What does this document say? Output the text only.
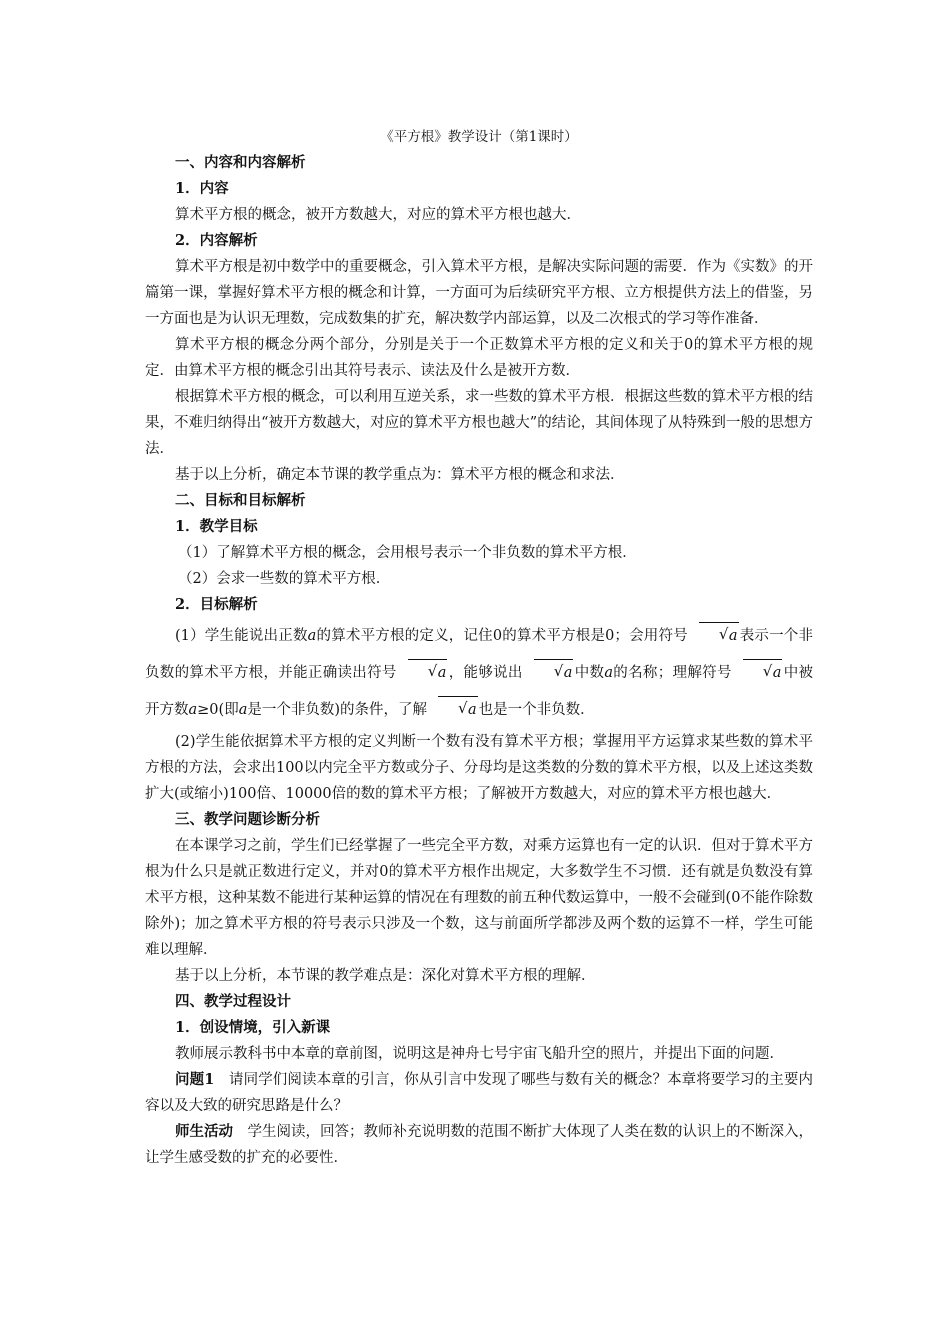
《平方根》教学设计（第1课时）
一、内容和内容解析
1．内容
算术平方根的概念，被开方数越大，对应的算术平方根也越大．
2．内容解析
算术平方根是初中数学中的重要概念，引入算术平方根，是解决实际问题的需要．作为《实数》的开篇第一课，掌握好算术平方根的概念和计算，一方面可为后续研究平方根、立方根提供方法上的借鉴，另一方面也是为认识无理数，完成数集的扩充，解决数学内部运算，以及二次根式的学习等作准备．
算术平方根的概念分两个部分，分别是关于一个正数算术平方根的定义和关于0的算术平方根的规定．由算术平方根的概念引出其符号表示、读法及什么是被开方数．
根据算术平方根的概念，可以利用互逆关系，求一些数的算术平方根．根据这些数的算术平方根的结果，不难归纳得出“被开方数越大，对应的算术平方根也越大”的结论，其间体现了从特殊到一般的思想方法．
基于以上分析，确定本节课的教学重点为：算术平方根的概念和求法．
二、目标和目标解析
1．教学目标
（1）了解算术平方根的概念，会用根号表示一个非负数的算术平方根．
（2）会求一些数的算术平方根．
2．目标解析
(1）学生能说出正数a的算术平方根的定义，记住0的算术平方根是0；会用符号	√ a 表示一个非负数的算术平方根，并能正确读出符号	√ a ，能够说出	√ a 中数a的名称；理解符号	√ a 中被开方数a≥0(即a是一个非负数)的条件，了解	√ a 也是一个非负数．
(2)学生能依据算术平方根的定义判断一个数有没有算术平方根；掌握用平方运算求某些数的算术平方根的方法，会求出100以内完全平方数或分子、分母均是这类数的分数的算术平方根，以及上述这类数扩大(或缩小)100倍、10000倍的数的算术平方根；了解被开方数越大，对应的算术平方根也越大．
三、教学问题诊断分析
在本课学习之前，学生们已经掌握了一些完全平方数，对乘方运算也有一定的认识．但对于算术平方根为什么只是就正数进行定义，并对0的算术平方根作出规定，大多数学生不习惯．还有就是负数没有算术平方根，这种某数不能进行某种运算的情况在有理数的前五种代数运算中，一般不会碰到(0不能作除数除外)；加之算术平方根的符号表示只涉及一个数，这与前面所学都涉及两个数的运算不一样，学生可能难以理解．
基于以上分析，本节课的教学难点是：深化对算术平方根的理解．
四、教学过程设计
1．创设情境，引入新课
教师展示教科书中本章的章前图，说明这是神舟七号宇宙飞船升空的照片，并提出下面的问题．
问题1　请同学们阅读本章的引言，你从引言中发现了哪些与数有关的概念？本章将要学习的主要内容以及大致的研究思路是什么？
师生活动　学生阅读，回答；教师补充说明数的范围不断扩大体现了人类在数的认识上的不断深入，让学生感受数的扩充的必要性．
